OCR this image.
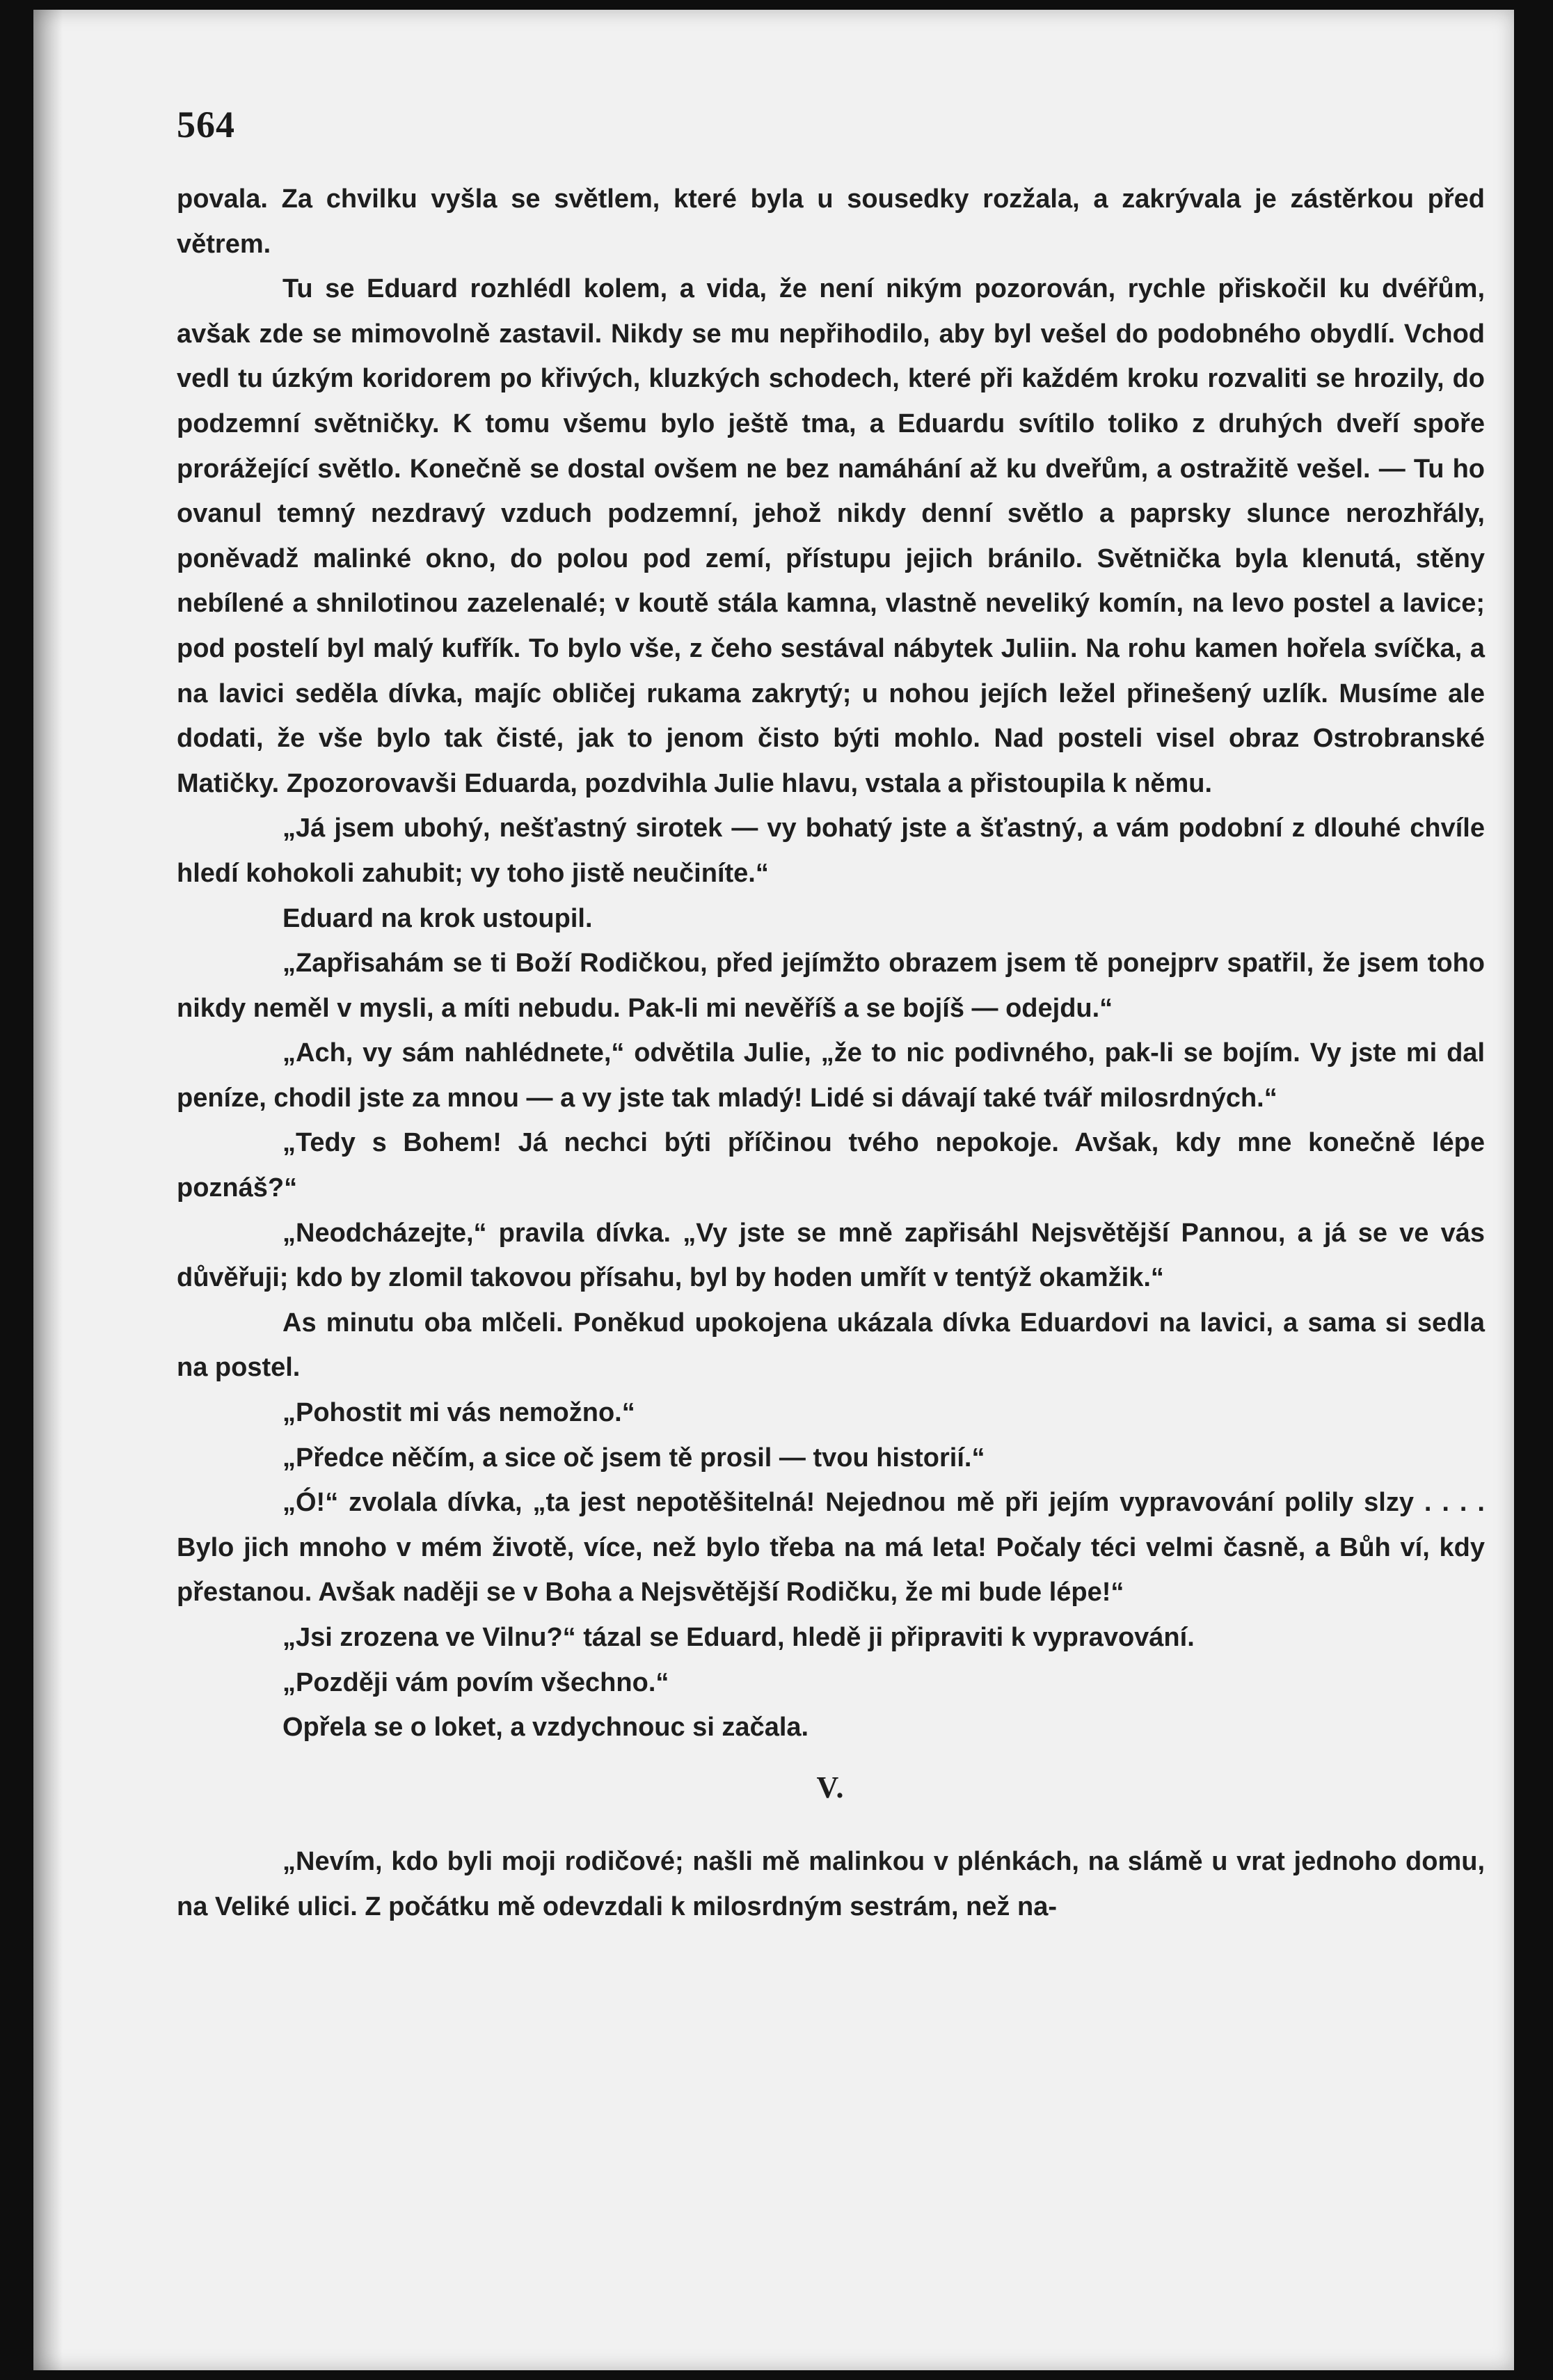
564

povala. Za chvilku vyšla se světlem, které byla u sousedky rozžala, a zakrývala je zástěrkou před větrem.

Tu se Eduard rozhlédl kolem, a vida, že není nikým pozorován, rychle přiskočil ku dvéřům, avšak zde se mimovolně zastavil. Nikdy se mu nepřihodilo, aby byl vešel do podobného obydlí. Vchod vedl tu úzkým koridorem po křivých, kluzkých schodech, které při každém kroku rozvaliti se hrozily, do podzemní světničky. K tomu všemu bylo ještě tma, a Eduardu svítilo toliko z druhých dveří spoře prorážející světlo. Konečně se dostal ovšem ne bez namáhání až ku dveřům, a ostražitě vešel. — Tu ho ovanul temný nezdravý vzduch podzemní, jehož nikdy denní světlo a paprsky slunce nerozhřály, poněvadž malinké okno, do polou pod zemí, přístupu jejich bránilo. Světnička byla klenutá, stěny nebílené a shnilotinou zazelenalé; v koutě stála kamna, vlastně neveliký komín, na levo postel a lavice; pod postelí byl malý kufřík. To bylo vše, z čeho sestával nábytek Juliin. Na rohu kamen hořela svíčka, a na lavici seděla dívka, majíc obličej rukama zakrytý; u nohou jejích ležel přinešený uzlík. Musíme ale dodati, že vše bylo tak čisté, jak to jenom čisto býti mohlo. Nad posteli visel obraz Ostrobranské Matičky. Zpozorovavši Eduarda, pozdvihla Julie hlavu, vstala a přistoupila k němu.

„Já jsem ubohý, nešťastný sirotek — vy bohatý jste a šťastný, a vám podobní z dlouhé chvíle hledí kohokoli zahubit; vy toho jistě neučiníte.“

Eduard na krok ustoupil.

„Zapřisahám se ti Boží Rodičkou, před jejímžto obrazem jsem tě ponejprv spatřil, že jsem toho nikdy neměl v mysli, a míti nebudu. Pak-li mi nevěříš a se bojíš — odejdu.“

„Ach, vy sám nahlédnete,“ odvětila Julie, „že to nic podivného, pak-li se bojím. Vy jste mi dal peníze, chodil jste za mnou — a vy jste tak mladý! Lidé si dávají také tvář milosrdných.“

„Tedy s Bohem! Já nechci býti příčinou tvého nepokoje. Avšak, kdy mne konečně lépe poznáš?“

„Neodcházejte,“ pravila dívka. „Vy jste se mně zapřisáhl Nejsvětější Pannou, a já se ve vás důvěřuji; kdo by zlomil takovou přísahu, byl by hoden umřít v tentýž okamžik.“

As minutu oba mlčeli. Poněkud upokojena ukázala dívka Eduardovi na lavici, a sama si sedla na postel.

„Pohostit mi vás nemožno.“

„Předce něčím, a sice oč jsem tě prosil — tvou historií.“

„Ó!“ zvolala dívka, „ta jest nepotěšitelná! Nejednou mě při jejím vypravování polily slzy . . . . Bylo jich mnoho v mém životě, více, než bylo třeba na má leta! Počaly téci velmi časně, a Bůh ví, kdy přestanou. Avšak naději se v Boha a Nejsvětější Rodičku, že mi bude lépe!“

„Jsi zrozena ve Vilnu?“ tázal se Eduard, hledě ji připraviti k vypravování.

„Později vám povím všechno.“

Opřela se o loket, a vzdychnouc si začala.

V.

„Nevím, kdo byli moji rodičové; našli mě malinkou v plénkách, na slámě u vrat jednoho domu, na Veliké ulici. Z počátku mě odevzdali k milosrdným sestrám, než na-
